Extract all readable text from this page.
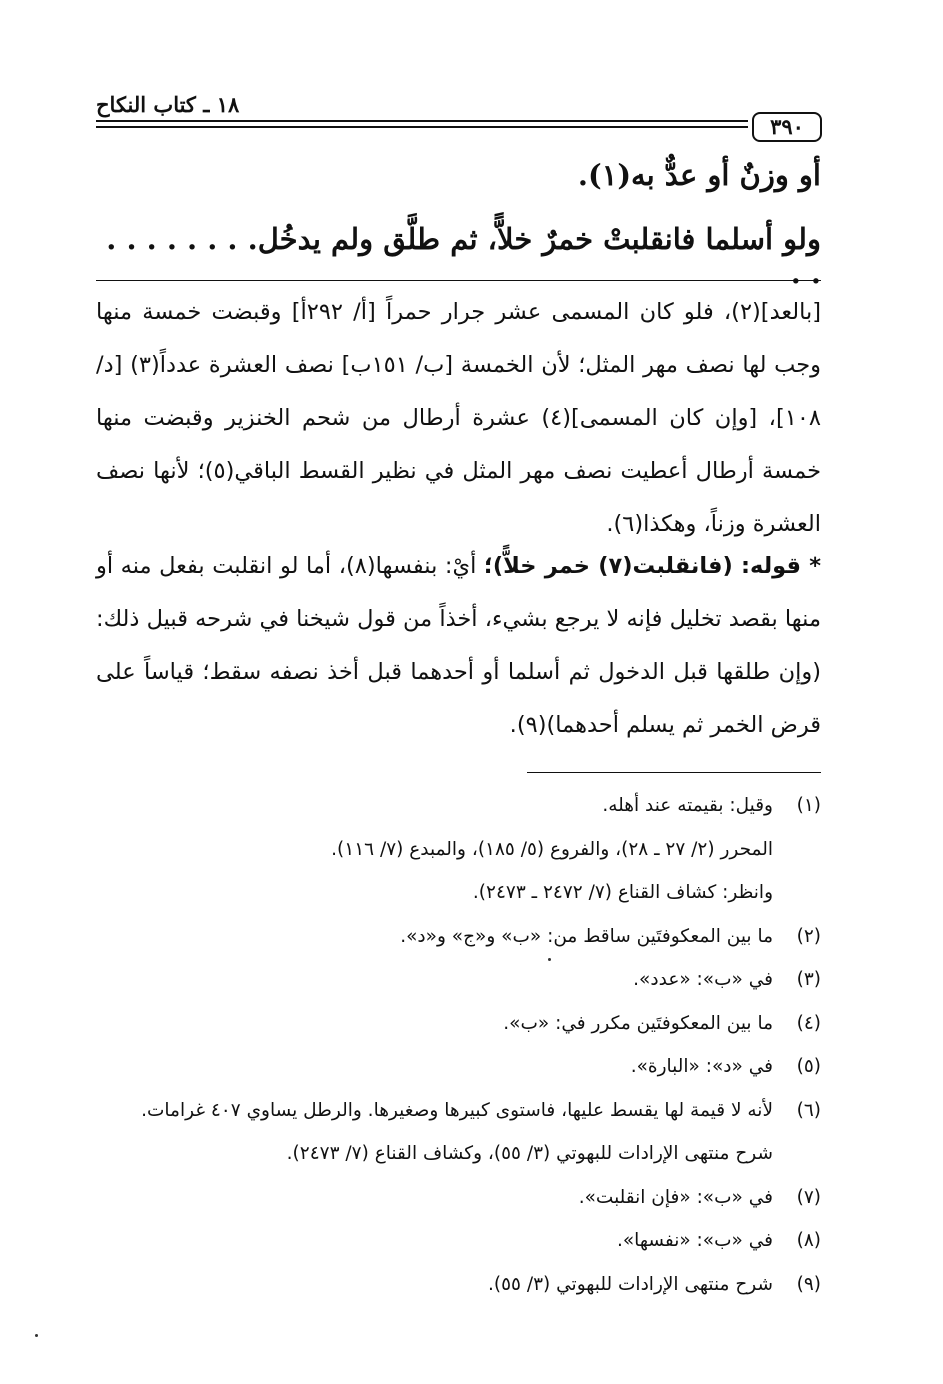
١٨ ـ كتاب النكاح
٣٩٠
أو وزنٌ أو عدٌّ به(١).
ولو أسلما فانقلبتْ خمرٌ خلاًّ، ثم طلَّق ولم يدخُل. . . . . . . . . .
[بالعد](٢)، فلو كان المسمى عشر جرار حمراً [أ/ ٢٩٢أ] وقبضت خمسة منها وجب لها نصف مهر المثل؛ لأن الخمسة [ب/ ١٥١ب] نصف العشرة عدداً(٣) [د/ ١٠٨]، [وإن كان المسمى](٤) عشرة أرطال من شحم الخنزير وقبضت منها خمسة أرطال أعطيت نصف مهر المثل في نظير القسط الباقي(٥)؛ لأنها نصف العشرة وزناً، وهكذا(٦).
* قوله: (فانقلبت(٧) خمر خلاًّ)؛ أيْ: بنفسها(٨)، أما لو انقلبت بفعل منه أو منها بقصد تخليل فإنه لا يرجع بشيء، أخذاً من قول شيخنا في شرحه قبيل ذلك: (وإن طلقها قبل الدخول ثم أسلما أو أحدهما قبل أخذ نصفه سقط؛ قياساً على قرض الخمر ثم يسلم أحدهما)(٩).
(١)
وقيل: بقيمته عند أهله.
المحرر (٢/ ٢٧ ـ ٢٨)، والفروع (٥/ ١٨٥)، والمبدع (٧/ ١١٦).
وانظر: كشاف القناع (٧/ ٢٤٧٢ ـ ٢٤٧٣).
(٢)
ما بين المعكوفتَين ساقط من: «ب» و«ج» و«د».
(٣)
في «ب»: «عدد».
(٤)
ما بين المعكوفتَين مكرر في: «ب».
(٥)
في «د»: «البارة».
(٦)
لأنه لا قيمة لها يقسط عليها، فاستوى كبيرها وصغيرها. والرطل يساوي ٤٠٧ غرامات.
شرح منتهى الإرادات للبهوتي (٣/ ٥٥)، وكشاف القناع (٧/ ٢٤٧٣).
(٧)
في «ب»: «فإن انقلبت».
(٨)
في «ب»: «نفسها».
(٩)
شرح منتهى الإرادات للبهوتي (٣/ ٥٥).
